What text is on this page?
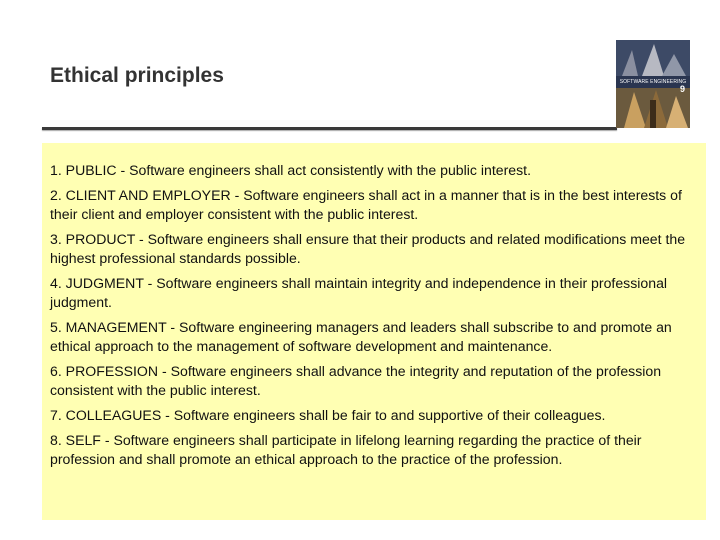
Ethical principles	SOFTWARE ENGINEERING
9
1. PUBLIC - Software engineers shall act consistently with the public interest.
2. CLIENT AND EMPLOYER - Software engineers shall act in a manner that is in the best interests of their client and employer consistent with the public interest.
3. PRODUCT - Software engineers shall ensure that their products and related modifications meet the highest professional standards possible.
4. JUDGMENT - Software engineers shall maintain integrity and independence in their professional judgment.
5. MANAGEMENT - Software engineering managers and leaders shall subscribe to and promote an ethical approach to the management of software development and maintenance.
6. PROFESSION - Software engineers shall advance the integrity and reputation of the profession consistent with the public interest.
7. COLLEAGUES - Software engineers shall be fair to and supportive of their colleagues.
8. SELF - Software engineers shall participate in lifelong learning regarding the practice of their profession and shall promote an ethical approach to the practice of the profession.
